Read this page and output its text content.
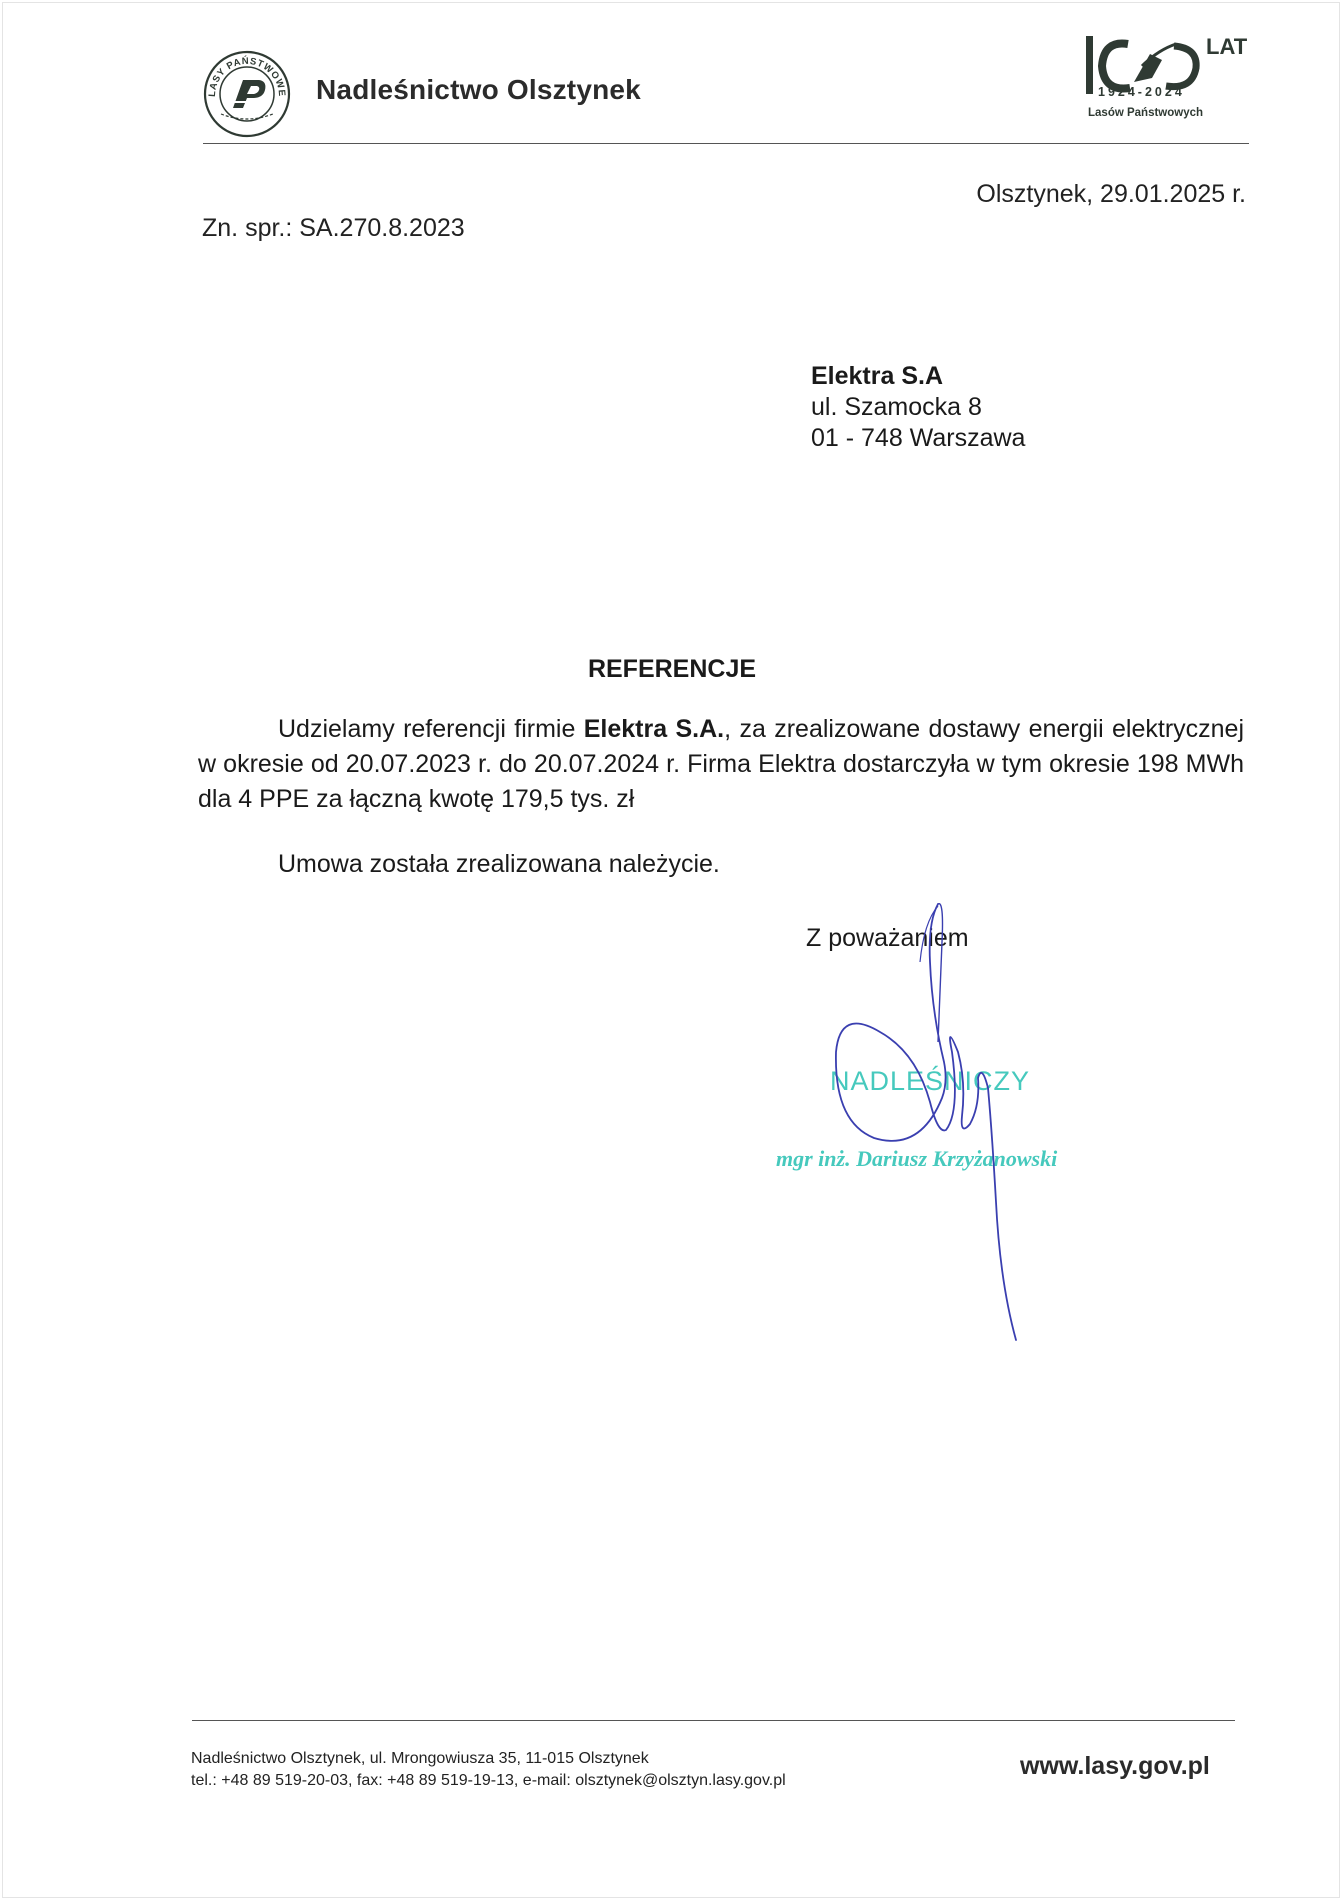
LASY PAŃSTWOWE Nadleśnictwo Olsztynek
LAT
1924-2024
Lasów Państwowych
Zn. spr.: SA.270.8.2023
Olsztynek, 29.01.2025 r.
Elektra S.A
ul. Szamocka 8
01 - 748 Warszawa
REFERENCJE
Udzielamy referencji firmie Elektra S.A., za zrealizowane dostawy energii elektrycznej w okresie od 20.07.2023 r. do 20.07.2024 r. Firma Elektra dostarczyła w tym okresie 198 MWh dla 4 PPE za łączną kwotę 179,5 tys. zł
Umowa została zrealizowana należycie.
Z poważaniem
NADLEŚNICZY
mgr inż. Dariusz Krzyżanowski
Nadleśnictwo Olsztynek, ul. Mrongowiusza 35, 11-015 Olsztynek
tel.: +48 89 519-20-03, fax: +48 89 519-19-13, e-mail: olsztynek@olsztyn.lasy.gov.pl
www.lasy.gov.pl
